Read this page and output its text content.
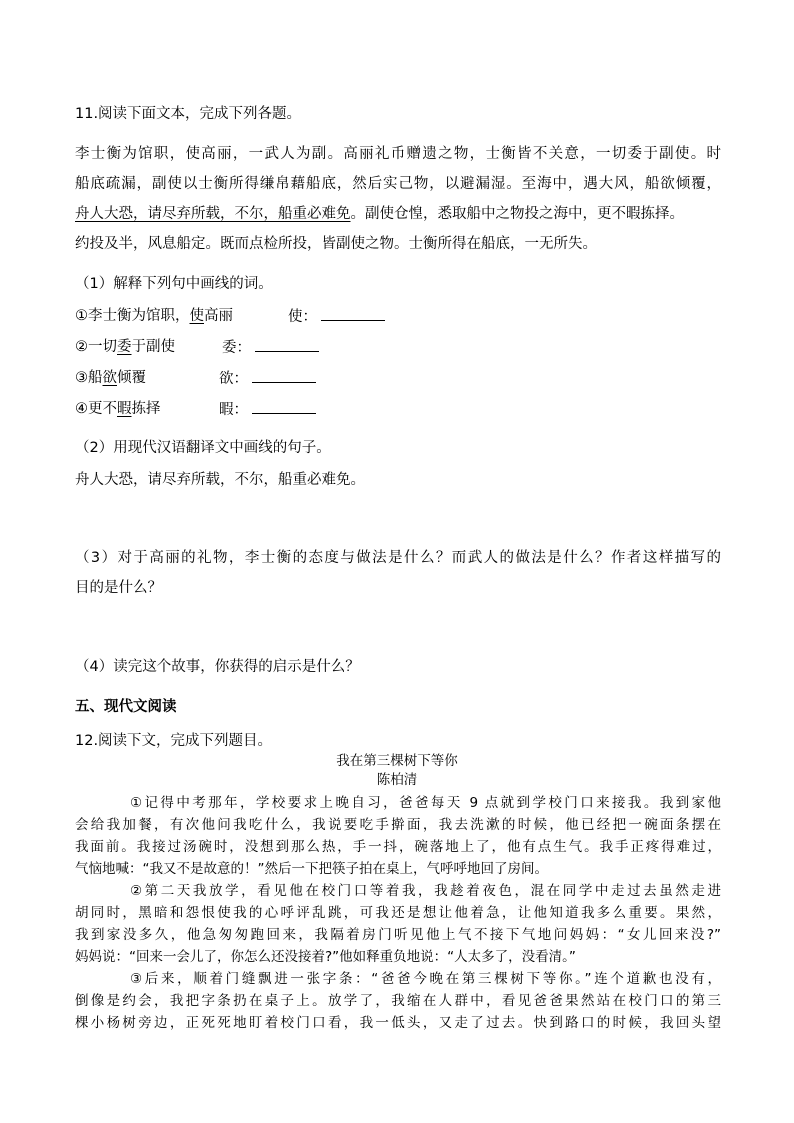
11.阅读下面文本，完成下列各题。
李士衡为馆职，使高丽，一武人为副。高丽礼币赠遗之物，士衡皆不关意，一切委于副使。时
船底疏漏，副使以士衡所得缣帛藉船底，然后实己物，以避漏湿。至海中，遇大风，船欲倾覆，
舟人大恐，请尽弃所载，不尔，船重必难免。副使仓惶，悉取船中之物投之海中，更不暇拣择。
约投及半，风息船定。既而点检所投，皆副使之物。士衡所得在船底，一无所失。
（1）解释下列句中画线的词。
①李士衡为馆职，使高丽	使：
②一切委于副使	委：
③船欲倾覆	欲：
④更不暇拣择	暇：
（2）用现代汉语翻译文中画线的句子。
舟人大恐，请尽弃所载，不尔，船重必难免。
（3）对于高丽的礼物，李士衡的态度与做法是什么？而武人的做法是什么？作者这样描写的
目的是什么？
（4）读完这个故事，你获得的启示是什么？
五、现代文阅读
12.阅读下文，完成下列题目。
我在第三棵树下等你
陈柏清
①记得中考那年，学校要求上晚自习，爸爸每天 9 点就到学校门口来接我。我到家他
会给我加餐，有次他问我吃什么，我说要吃手擀面，我去洗漱的时候，他已经把一碗面条摆在
我面前。我接过汤碗时，没想到那么热，手一抖，碗落地上了，他有点生气。我手正疼得难过，
气恼地喊：“我又不是故意的！”然后一下把筷子拍在桌上，气呼呼地回了房间。
②第二天我放学，看见他在校门口等着我，我趁着夜色，混在同学中走过去虽然走进
胡同时，黑暗和怨恨使我的心呼评乱跳，可我还是想让他着急，让他知道我多么重要。果然，
我到家没多久，他急匆匆跑回来，我隔着房门听见他上气不接下气地问妈妈：“女儿回来没?”
妈妈说：“回来一会儿了，你怎么还没接着?”他如释重负地说：“人太多了，没看清。”
③后来，顺着门缝飘进一张字条：“爸爸今晚在第三棵树下等你。”连个道歉也没有，
倒像是约会，我把字条扔在桌子上。放学了，我缩在人群中，看见爸爸果然站在校门口的第三
棵小杨树旁边，正死死地盯着校门口看，我一低头，又走了过去。快到路口的时候，我回头望
